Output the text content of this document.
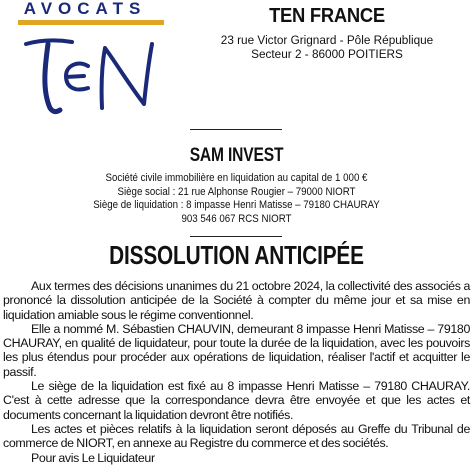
AVOCATS	TEN FRANCE
23 rue Victor Grignard - Pôle République
Secteur 2 - 86000 POITIERS
SAM INVEST
Société civile immobilière en liquidation au capital de 1 000 €
Siège social : 21 rue Alphonse Rougier – 79000 NIORT
Siège de liquidation : 8 impasse Henri Matisse – 79180 CHAURAY
903 546 067 RCS NIORT
DISSOLUTION ANTICIPÉE

Aux termes des décisions unanimes du 21 octobre 2024, la collectivité des associés a prononcé la dissolution anticipée de la Société à compter du même jour et sa mise en liquidation amiable sous le régime conventionnel.

Elle a nommé M. Sébastien CHAUVIN, demeurant 8 impasse Henri Matisse – 79180 CHAURAY, en qualité de liquidateur, pour toute la durée de la liquidation, avec les pouvoirs les plus étendus pour procéder aux opérations de liquidation, réaliser l'actif et acquitter le passif.

Le siège de la liquidation est fixé au 8 impasse Henri Matisse – 79180 CHAURAY. C'est à cette adresse que la correspondance devra être envoyée et que les actes et documents concernant la liquidation devront être notifiés.

Les actes et pièces relatifs à la liquidation seront déposés au Greffe du Tribunal de commerce de NIORT, en annexe au Registre du commerce et des sociétés.

Pour avis Le Liquidateur
